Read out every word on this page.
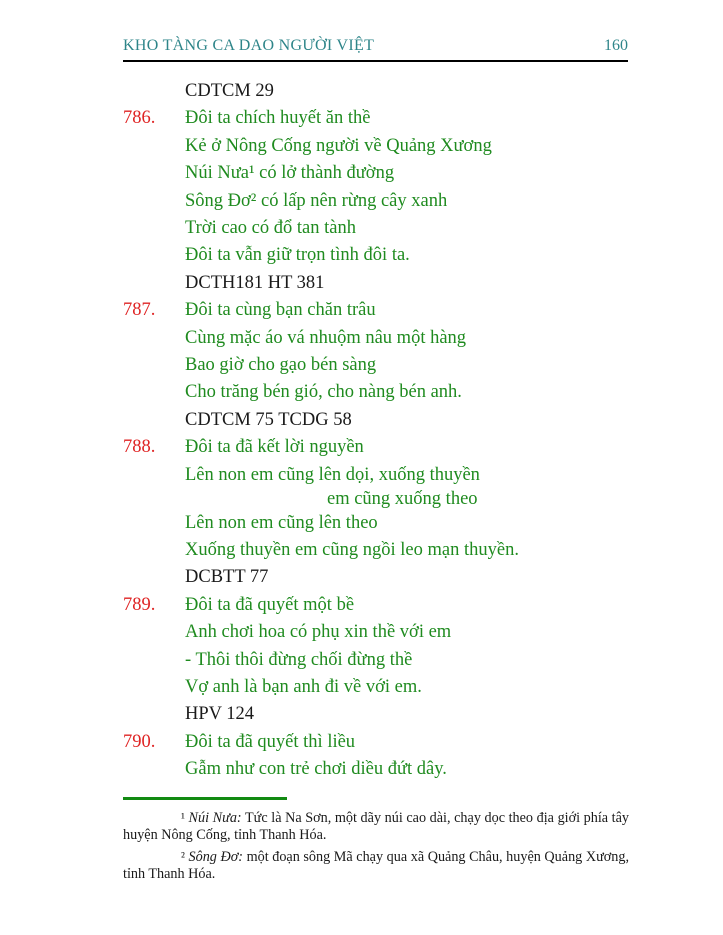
KHO TÀNG CA DAO NGƯỜI VIỆT	160

CDTCM 29

786. Đôi ta chích huyết ăn thề

Kẻ ở Nông Cống người về Quảng Xương

Núi Nưa¹ có lở thành đường

Sông Đơ² có lấp nên rừng cây xanh

Trời cao có đổ tan tành

Đôi ta vẫn giữ trọn tình đôi ta.

DCTH181 HT 381

787. Đôi ta cùng bạn chăn trâu

Cùng mặc áo vá nhuộm nâu một hàng

Bao giờ cho gạo bén sàng

Cho trăng bén gió, cho nàng bén anh.

CDTCM 75 TCDG 58

788. Đôi ta đã kết lời nguyền

Lên non em cũng lên dọi, xuống thuyền

em cũng xuống theo

Lên non em cũng lên theo

Xuống thuyền em cũng ngồi leo mạn thuyền.

DCBTT 77

789. Đôi ta đã quyết một bề

Anh chơi hoa có phụ xin thề với em

- Thôi thôi đừng chối đừng thề

Vợ anh là bạn anh đi về với em.

HPV 124

790. Đôi ta đã quyết thì liều

Gẫm như con trẻ chơi diều đứt dây.

¹ Núi Nưa: Tức là Na Sơn, một dãy núi cao dài, chạy dọc theo địa giới phía tây huyện Nông Cống, tỉnh Thanh Hóa.

² Sông Đơ: một đoạn sông Mã chạy qua xã Quảng Châu, huyện Quảng Xương, tỉnh Thanh Hóa.
